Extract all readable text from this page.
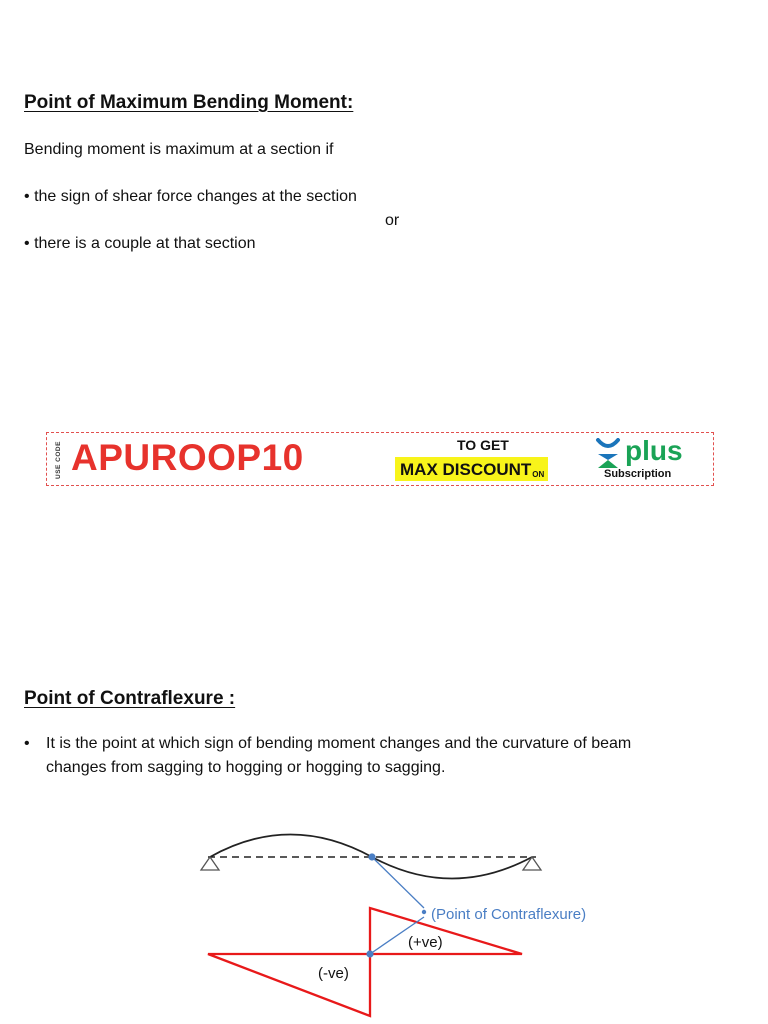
Point of Maximum Bending Moment:
Bending moment is maximum at a section if
• the sign of shear force changes at the section
or
• there is a couple at that section
USE CODE APUROOP10	TO GET
MAX DISCOUNT ON
plus
Subscription
Point of Contraflexure :
• It is the point at which sign of bending moment changes and the curvature of beam
changes from sagging to hogging or hogging to sagging.
(Point of Contraflexure)
(+ve)
(-ve)
